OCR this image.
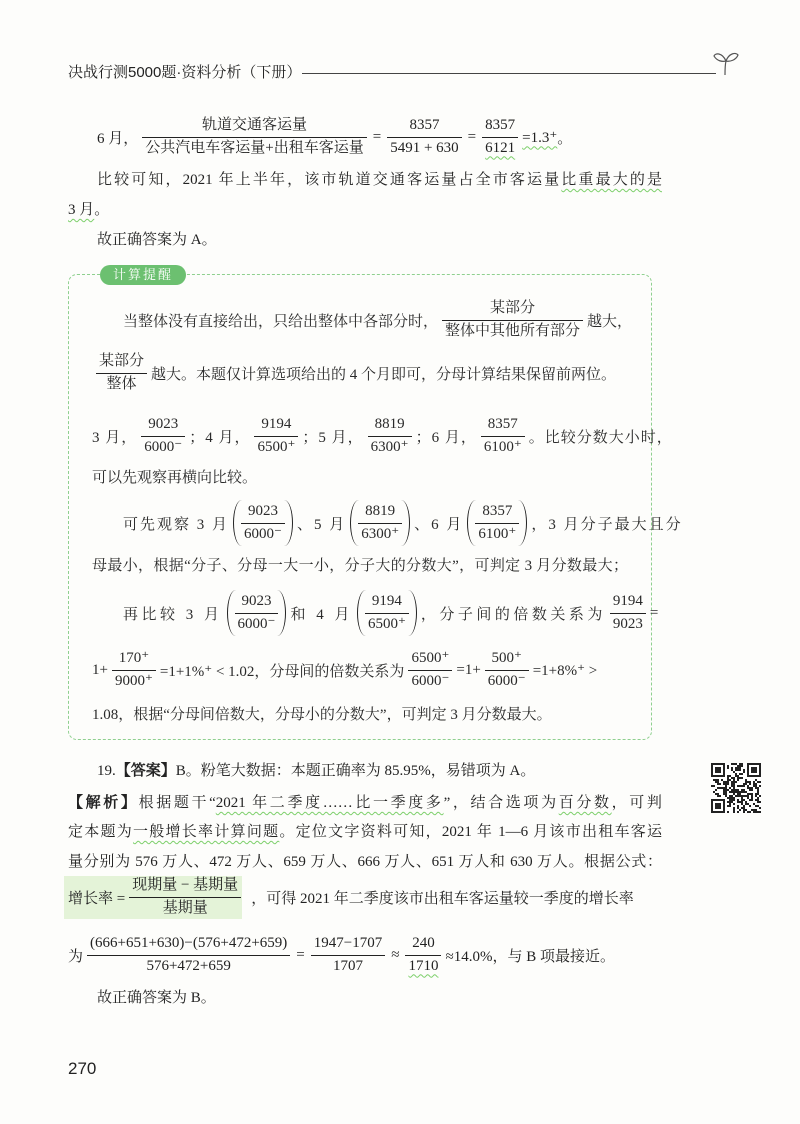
决战行测5000题·资料分析（下册）
6 月， $\frac{\text{轨道交通客运量}}{\text{公共汽电车客运量+出租车客运量}} = \frac{8357}{5491 + 630} = \frac{8357}{6121} =1.3^+$ 。
比较可知，2021 年上半年，该市轨道交通客运量占全市客运量比重最大的是
3 月。
故正确答案为 A。
计算提醒
当整体没有直接给出，只给出整体中各部分时， $\frac{\text{某部分}}{\text{整体中其他所有部分}}$ 越大，
$\frac{\text{某部分}}{\text{整体}}$ 越大。本题仅计算选项给出的 4 个月即可，分母计算结果保留前两位。
3 月， $\frac{9023}{6000^-}$ ；4 月， $\frac{9194}{6500^+}$ ；5 月， $\frac{8819}{6300^+}$ ；6 月， $\frac{8357}{6100^+}$ 。比较分数大小时，
可以先观察再横向比较。
可先观察 3 月 $\frac{9023}{6000^-}$ 、5 月 $\frac{8819}{6300^+}$ 、6 月 $\frac{8357}{6100^+}$ ，3 月分子最大且分
母最小，根据“分子、分母一大一小，分子大的分数大”，可判定 3 月分数最大；
再比较 3 月 $\frac{9023}{6000^-}$ 和 4 月 $\frac{9194}{6500^+}$ ，分子间的倍数关系为 $\frac{9194}{9023}$ =
$1+ \frac{170^+}{9000^+} =1+1\%^+ < 1.02$，分母间的倍数关系为 $\frac{6500^+}{6000^-} =1+ \frac{500^+}{6000^-} =1+8\%^+$ >
1.08，根据“分母间倍数大，分母小的分数大”，可判定 3 月分数最大。
19.【答案】B。粉笔大数据：本题正确率为 85.95%，易错项为 A。
【解析】根据题干“2021 年二季度……比一季度多”，结合选项为百分数，可判
定本题为一般增长率计算问题。定位文字资料可知，2021 年 1—6 月该市出租车客运
量分别为 576 万人、472 万人、659 万人、666 万人、651 万人和 630 万人。根据公式：
增长率 = $\frac{\text{现期量 − 基期量}}{\text{基期量}}$ ，可得 2021 年二季度该市出租车客运量较一季度的增长率
为 $\frac{(666+651+630)-(576+472+659)}{576+472+659} = \frac{1947-1707}{1707} \approx \frac{240}{1710} \approx 14.0\%$，与 B 项最接近。
故正确答案为 B。
270
